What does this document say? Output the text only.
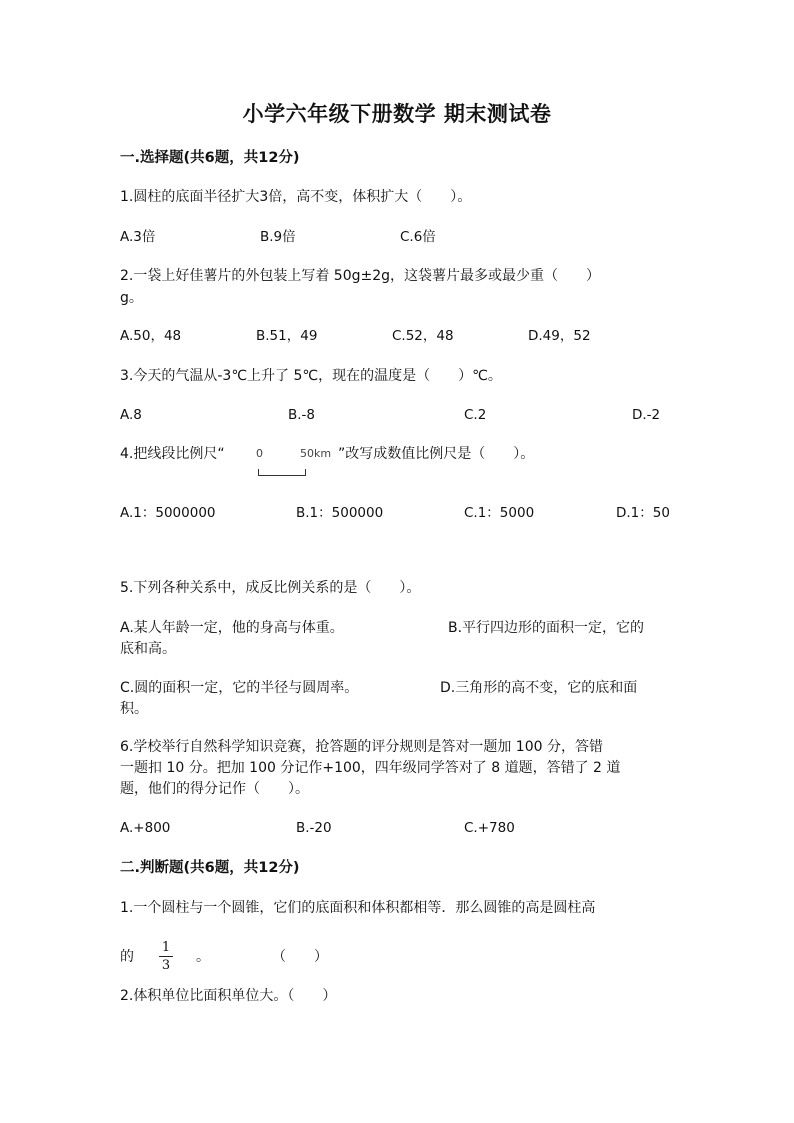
小学六年级下册数学 期末测试卷
一.选择题(共6题，共12分)
1.圆柱的底面半径扩大3倍，高不变，体积扩大（　　）。
A.3倍	B.9倍	C.6倍
2.一袋上好佳薯片的外包装上写着 50g±2g，这袋薯片最多或最少重（　　）
g。
A.50，48	B.51，49	C.52，48	D.49，52
3.今天的气温从-3℃上升了 5℃，现在的温度是（　　）℃。
A.8	B.-8	C.2	D.-2
4.把线段比例尺“	0	50km ”改写成数值比例尺是（　　）。
A.1：5000000	B.1：500000	C.1：5000	D.1：50
5.下列各种关系中，成反比例关系的是（　　）。
A.某人年龄一定，他的身高与体重。	B.平行四边形的面积一定，它的
底和高。
C.圆的面积一定，它的半径与圆周率。	D.三角形的高不变，它的底和面
积。
6.学校举行自然科学知识竞赛，抢答题的评分规则是答对一题加 100 分，答错
一题扣 10 分。把加 100 分记作+100，四年级同学答对了 8 道题，答错了 2 道
题，他们的得分记作（　　）。
A.+800	B.-20	C.+780
二.判断题(共6题，共12分)
1.一个圆柱与一个圆锥，它们的底面积和体积都相等．那么圆锥的高是圆柱高
的
1
3
。	（　　）
2.体积单位比面积单位大。（　　）
